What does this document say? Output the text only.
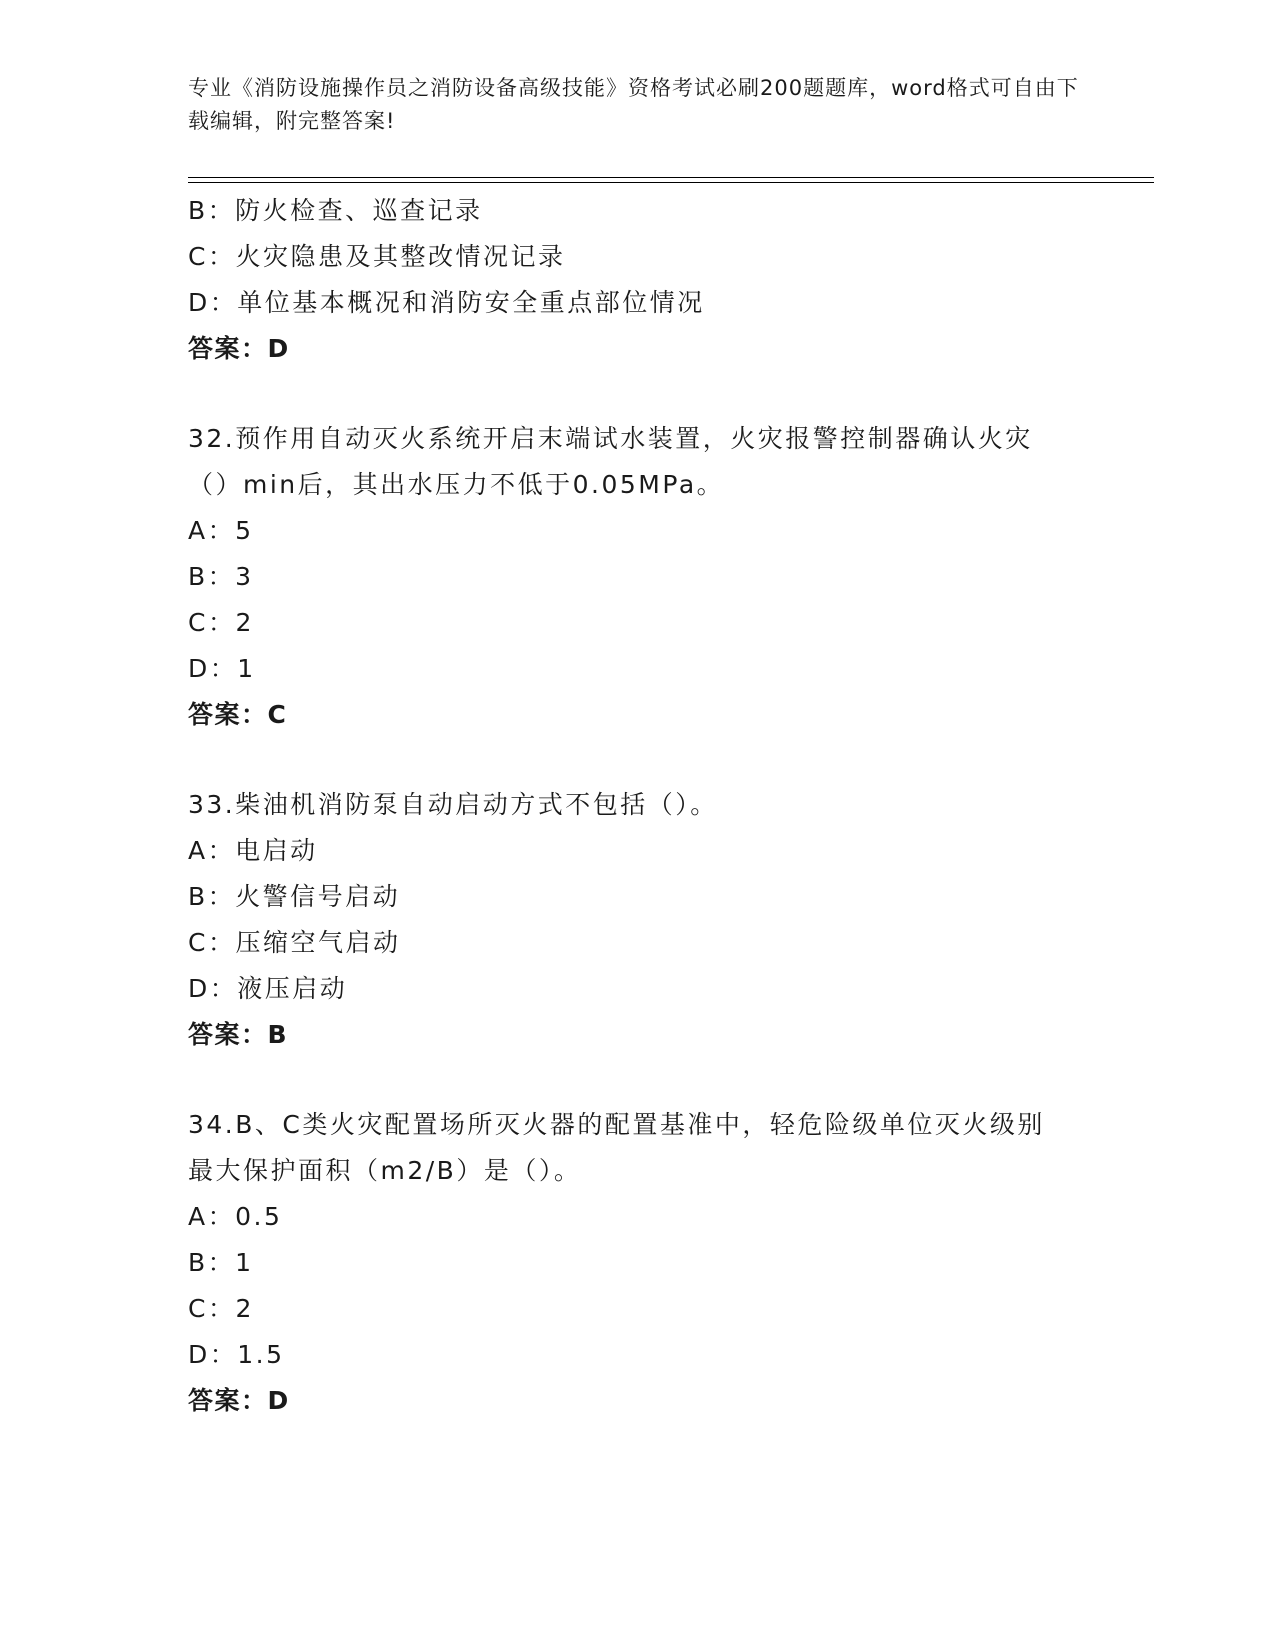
专业《消防设施操作员之消防设备高级技能》资格考试必刷200题题库，word格式可自由下载编辑，附完整答案!
B：防火检查、巡查记录
C：火灾隐患及其整改情况记录
D：单位基本概况和消防安全重点部位情况
答案：D
32.预作用自动灭火系统开启末端试水装置，火灾报警控制器确认火灾
（）min后，其出水压力不低于0.05MPa。
A：5
B：3
C：2
D：1
答案：C
33.柴油机消防泵自动启动方式不包括（）。
A：电启动
B：火警信号启动
C：压缩空气启动
D：液压启动
答案：B
34.B、C类火灾配置场所灭火器的配置基准中，轻危险级单位灭火级别
最大保护面积（m2/B）是（）。
A：0.5
B：1
C：2
D：1.5
答案：D
